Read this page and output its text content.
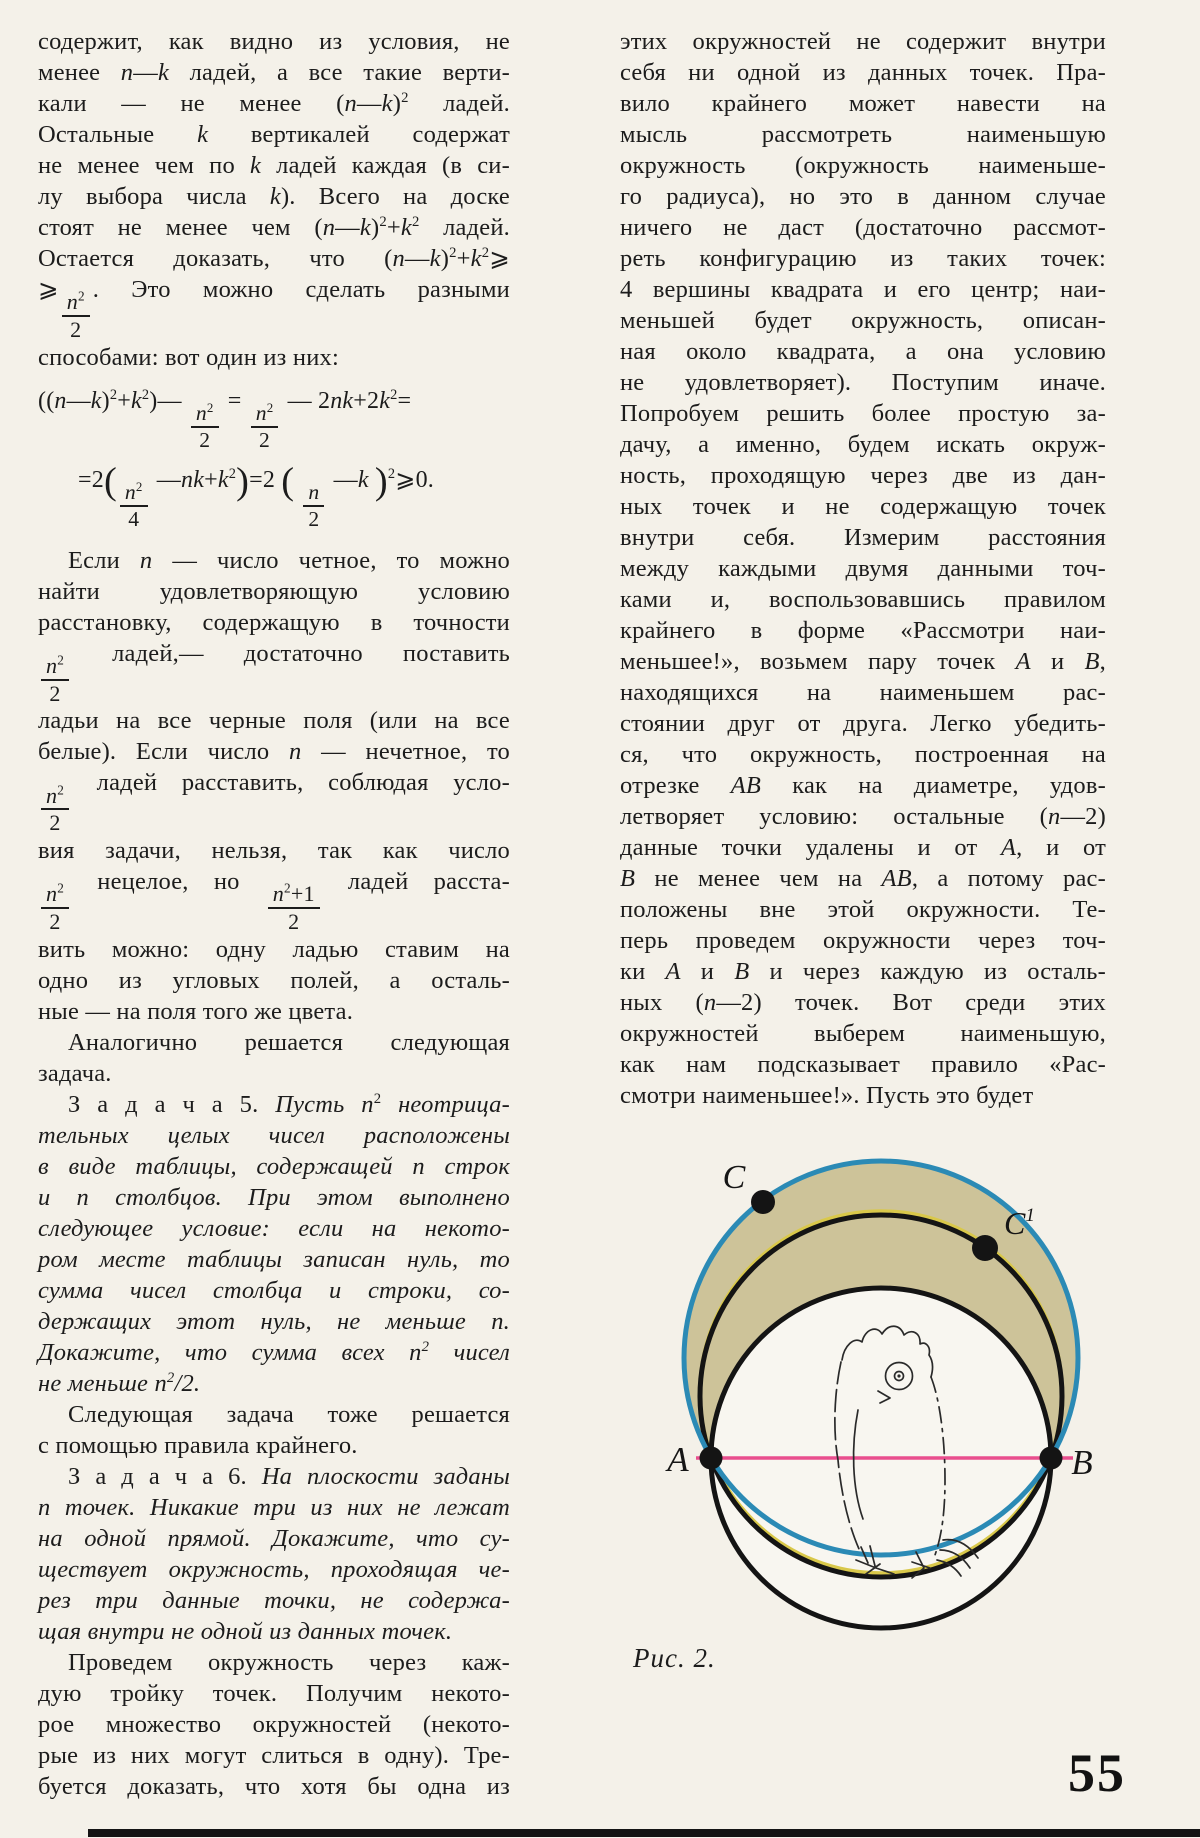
содержит, как видно из условия, не
менее n—k ладей, а все такие верти-
кали — не менее (n—k)$^2$ ладей.
Остальные k вертикалей содержат
не менее чем по k ладей каждая (в си-
лу выбора числа k). Всего на доске
стоят не менее чем $(n—k)^2+k^2$ ладей.
Остается доказать, что $(n—k)^2+k^2⩾$
⩾
$\frac{n^2}{2}$
. Это можно сделать разными
способами: вот один из них:
$((n—k)^2+k^2)—$
$\frac{n^2}{2}$
=
$\frac{n^2}{2}$
— $2nk+2k^2=$
$=2( \frac{n^2}{4}$
$—nk+k^2)=2$ ( $\frac{n}{2}$
—k )$^2$⩾0.
Если n — число четное, то можно
найти удовлетворяющую условию
расстановку, содержащую в точности
$\frac{n^2}{2}$
ладей,— достаточно поставить
ладьи на все черные поля (или на все
белые). Если число n — нечетное, то
$\frac{n^2}{2}$
ладей расставить, соблюдая усло-
вия задачи, нельзя, так как число
$\frac{n^2}{2}$
нецелое, но
$\frac{n^2+1}{2}$
ладей расста-
вить можно: одну ладью ставим на
одно из угловых полей, а осталь-
ные — на поля того же цвета.
Аналогично решается следующая
задача.
З а д а ч а 5. Пусть $n^2$ неотрица-
тельных целых чисел расположены
в виде таблицы, содержащей n строк
и n столбцов. При этом выполнено
следующее условие: если на некото-
ром месте таблицы записан нуль, то
сумма чисел столбца и строки, со-
держащих этот нуль, не меньше n.
Докажите, что сумма всех $n^2$ чисел
не меньше $n^2/2$.
Следующая задача тоже решается
с помощью правила крайнего.
З а д а ч а 6. На плоскости заданы
n точек. Никакие три из них не лежат
на одной прямой. Докажите, что су-
ществует окружность, проходящая че-
рез три данные точки, не содержа-
щая внутри не одной из данных точек.
Проведем окружность через каж-
дую тройку точек. Получим некото-
рое множество окружностей (некото-
рые из них могут слиться в одну). Тре-
буется доказать, что хотя бы одна из
этих окружностей не содержит внутри
себя ни одной из данных точек. Пра-
вило крайнего может навести на
мысль рассмотреть наименьшую
окружность (окружность наименьше-
го радиуса), но это в данном случае
ничего не даст (достаточно рассмот-
реть конфигурацию из таких точек:
4 вершины квадрата и его центр; наи-
меньшей будет окружность, описан-
ная около квадрата, а она условию
не удовлетворяет). Поступим иначе.
Попробуем решить более простую за-
дачу, а именно, будем искать окруж-
ность, проходящую через две из дан-
ных точек и не содержащую точек
внутри себя. Измерим расстояния
между каждыми двумя данными точ-
ками и, воспользовавшись правилом
крайнего в форме «Рассмотри наи-
меньшее!», возьмем пару точек A и B,
находящихся на наименьшем рас-
стоянии друг от друга. Легко убедить-
ся, что окружность, построенная на
отрезке AB как на диаметре, удов-
летворяет условию: остальные (n—2)
данные точки удалены и от A, и от
B не менее чем на AB, а потому рас-
положены вне этой окружности. Те-
перь проведем окружности через точ-
ки A и B и через каждую из осталь-
ных (n—2) точек. Вот среди этих
окружностей выберем наименьшую,
как нам подсказывает правило «Рас-
смотри наименьшее!». Пусть это будет
C
$C^1$
A	B
Рис. 2.
55
